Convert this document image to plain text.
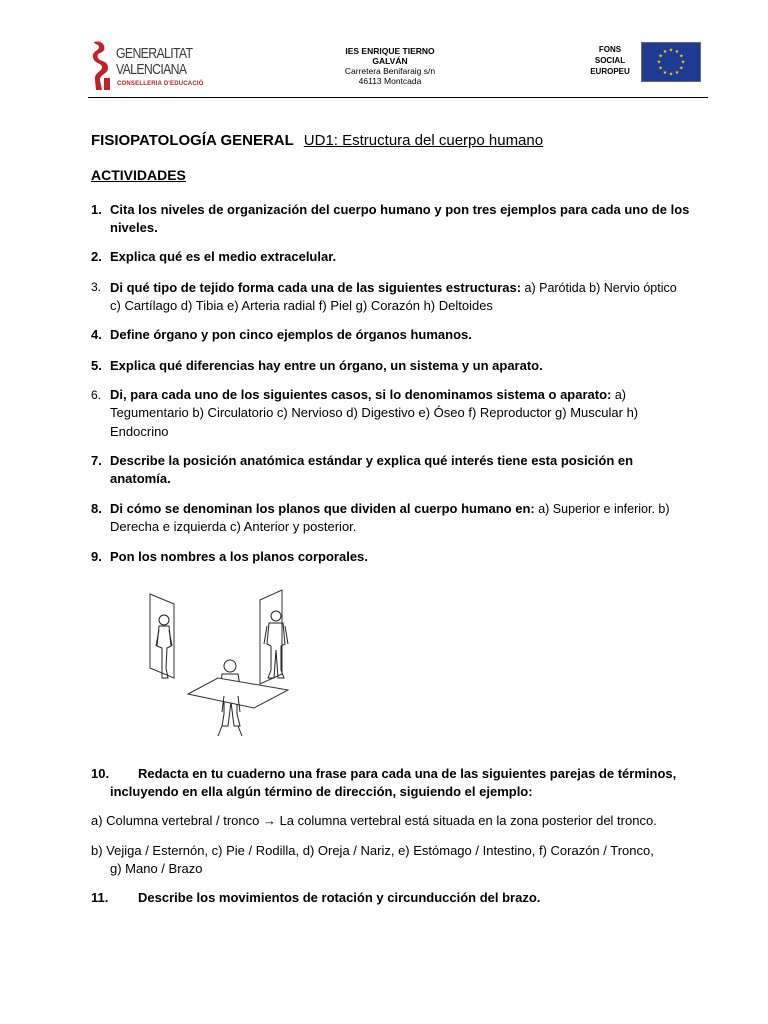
GENERALITAT
VALENCIANA
CONSELLERIA D'EDUCACIÓ
IES ENRIQUE TIERNO
GALVÁN
Carretera Benifaraig s/n
46113 Montcada
FONS
SOCIAL
EUROPEU
★ ★
★
★
★
★
★
★
★
★
★
★
FISIOPATOLOGÍA GENERAL UD1: Estructura del cuerpo humano
ACTIVIDADES
1. Cita los niveles de organización del cuerpo humano y pon tres ejemplos para cada uno de los
niveles.
2. Explica qué es el medio extracelular.
3. Di qué tipo de tejido forma cada una de las siguientes estructuras: a) Parótida b) Nervio óptico
c) Cartílago d) Tibia e) Arteria radial f) Piel g) Corazón h) Deltoides
4. Define órgano y pon cinco ejemplos de órganos humanos.
5. Explica qué diferencias hay entre un órgano, un sistema y un aparato.
6. Di, para cada uno de los siguientes casos, si lo denominamos sistema o aparato: a)
Tegumentario b) Circulatorio c) Nervioso d) Digestivo e) Óseo f) Reproductor g) Muscular h)
Endocrino
7. Describe la posición anatómica estándar y explica qué interés tiene esta posición en
anatomía.
8. Di cómo se denominan los planos que dividen al cuerpo humano en: a) Superior e inferior. b)
Derecha e izquierda c) Anterior y posterior.
9. Pon los nombres a los planos corporales.
10. Redacta en tu cuaderno una frase para cada una de las siguientes parejas de términos,
incluyendo en ella algún término de dirección, siguiendo el ejemplo:
a) Columna vertebral / tronco → La columna vertebral está situada en la zona posterior del tronco.
b) Vejiga / Esternón, c) Pie / Rodilla, d) Oreja / Nariz, e) Estómago / Intestino, f) Corazón / Tronco,
g) Mano / Brazo
11. Describe los movimientos de rotación y circunducción del brazo.
